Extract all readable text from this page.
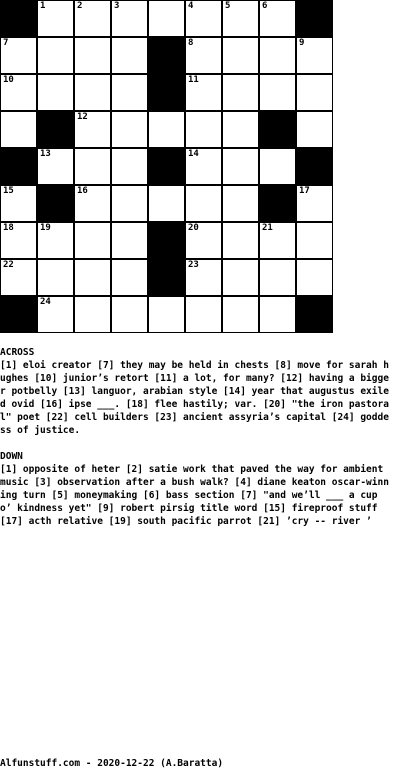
1	2	3	4	5	6
7	8	9
10	11
12
13	14
15	16	17
18	19	20	21
22	23
24
ACROSS
[1] eloi creator [7] they may be held in chests [8] move for sarah hughes [10] junior’s retort [11] a lot, for many? [12] having a bigger potbelly [13] languor, arabian style [14] year that augustus exiled ovid [16] ipse ___. [18] flee hastily; var. [20] "the iron pastoral" poet [22] cell builders [23] ancient assyria’s capital [24] goddess of justice.
DOWN
[1] opposite of heter [2] satie work that paved the way for ambient music [3] observation after a bush walk? [4] diane keaton oscar-winning turn [5] moneymaking [6] bass section [7] "and we’ll ___ a cup o’ kindness yet" [9] robert pirsig title word [15] fireproof stuff [17] acth relative [19] south pacific parrot [21] ’cry -- river ’
Alfunstuff.com - 2020-12-22 (A.Baratta)
